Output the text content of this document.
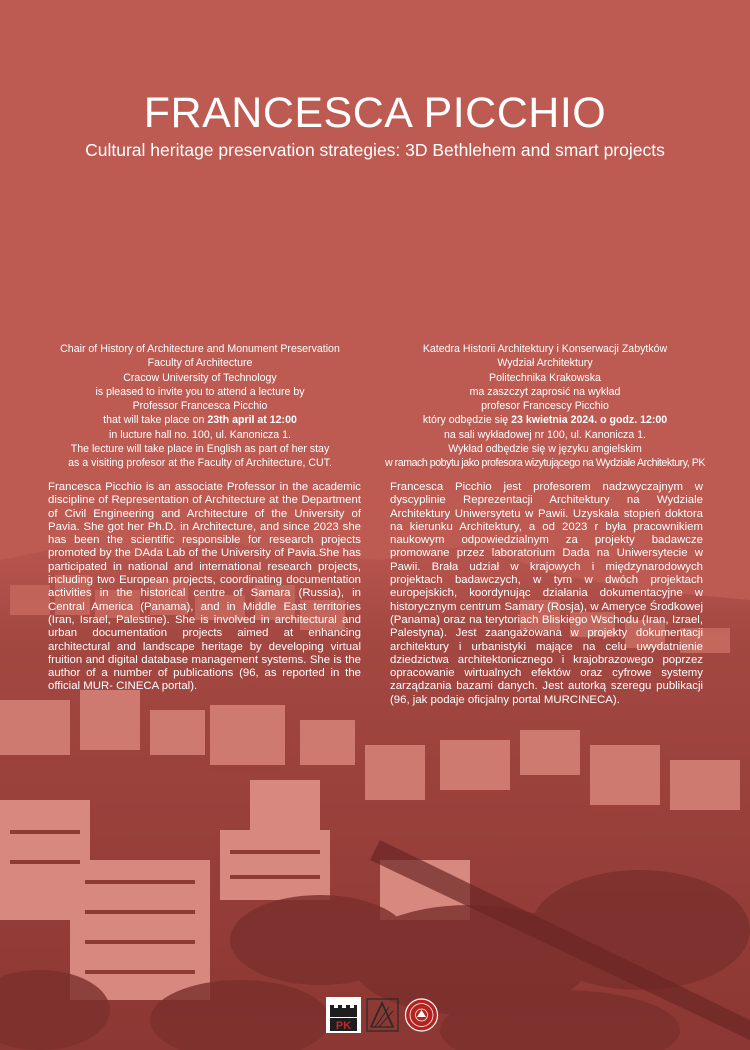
FRANCESCA PICCHIO
Cultural heritage preservation strategies: 3D Bethlehem and smart projects
Chair of History of Architecture and Monument Preservation
Faculty of Architecture
Cracow University of Technology
is pleased to invite you to attend a lecture by
Professor Francesca Picchio
that will take place on 23th april at 12:00
in lucture hall no. 100, ul. Kanonicza 1.
The lecture will take place in English as part of her stay
as a visiting profesor at the Faculty of Architecture, CUT.
Katedra Historii Architektury i Konserwacji Zabytków
Wydział Architektury
Politechnika Krakowska
ma zaszczyt zaprosić na wykład
profesor Francescy Picchio
który odbędzie się 23 kwietnia 2024. o godz. 12:00
na sali wykładowej nr 100, ul. Kanonicza 1.
Wykład odbędzie się w języku angielskim
w ramach pobytu jako profesora wizytującego na Wydziale Architektury, PK
Francesca Picchio is an associate Professor in the academic discipline of Representation of Architecture at the Department of Civil Engineering and Architecture of the University of Pavia. She got her Ph.D. in Architecture, and since 2023 she has been the scientific responsible for research projects promoted by the DAda Lab of the University of Pavia.She has participated in national and international research projects, including two European projects, coordinating documentation activities in the historical centre of Samara (Russia), in Central America (Panama), and in Middle East territories (Iran, Israel, Palestine). She is involved in architectural and urban documentation projects aimed at enhancing architectural and landscape heritage by developing virtual fruition and digital database management systems. She is the author of a number of publications (96, as reported in the official MUR- CINECA portal).
Francesca Picchio jest profesorem nadzwyczajnym w dyscyplinie Reprezentacji Architektury na Wydziale Architektury Uniwersytetu w Pawii. Uzyskała stopień doktora na kierunku Architektury, a od 2023 r była pracownikiem naukowym odpowiedzialnym za projekty badawcze promowane przez laboratorium Dada na Uniwersytecie w Pawii. Brała udział w krajowych i międzynarodowych projektach badawczych, w tym w dwóch projektach europejskich, koordynując działania dokumentacyjne w historycznym centrum Samary (Rosja), w Ameryce Środkowej (Panama) oraz na terytoriach Bliskiego Wschodu (Iran, Izrael, Palestyna). Jest zaangażowana w projekty dokumentacji architektury i urbanistyki mające na celu uwydatnienie dziedzictwa architektonicznego i krajobrazowego poprzez opracowanie wirtualnych efektów oraz cyfrowe systemy zarządzania bazami danych. Jest autorką szeregu publikacji (96, jak podaje oficjalny portal MURCINECA).
PK
